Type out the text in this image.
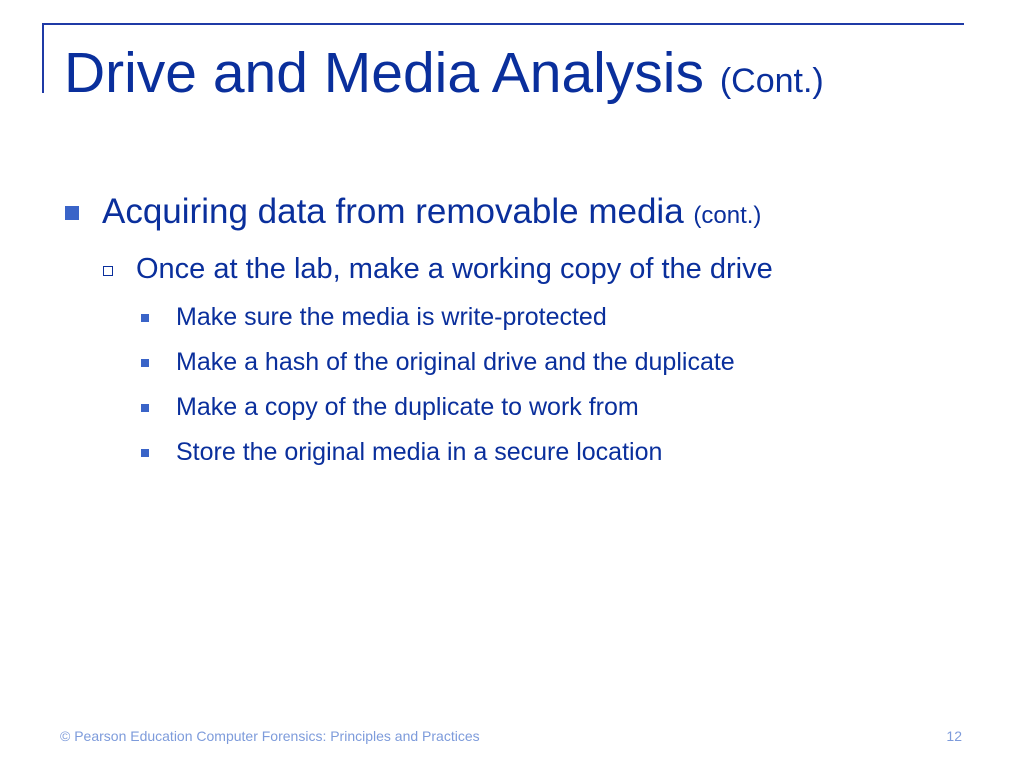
Drive and Media Analysis (Cont.)
Acquiring data from removable media (cont.)
Once at the lab, make a working copy of the drive
Make sure the media is write-protected
Make a hash of the original drive and the duplicate
Make a copy of the duplicate to work from
Store the original media in a secure location
© Pearson Education Computer Forensics: Principles and Practices	12
